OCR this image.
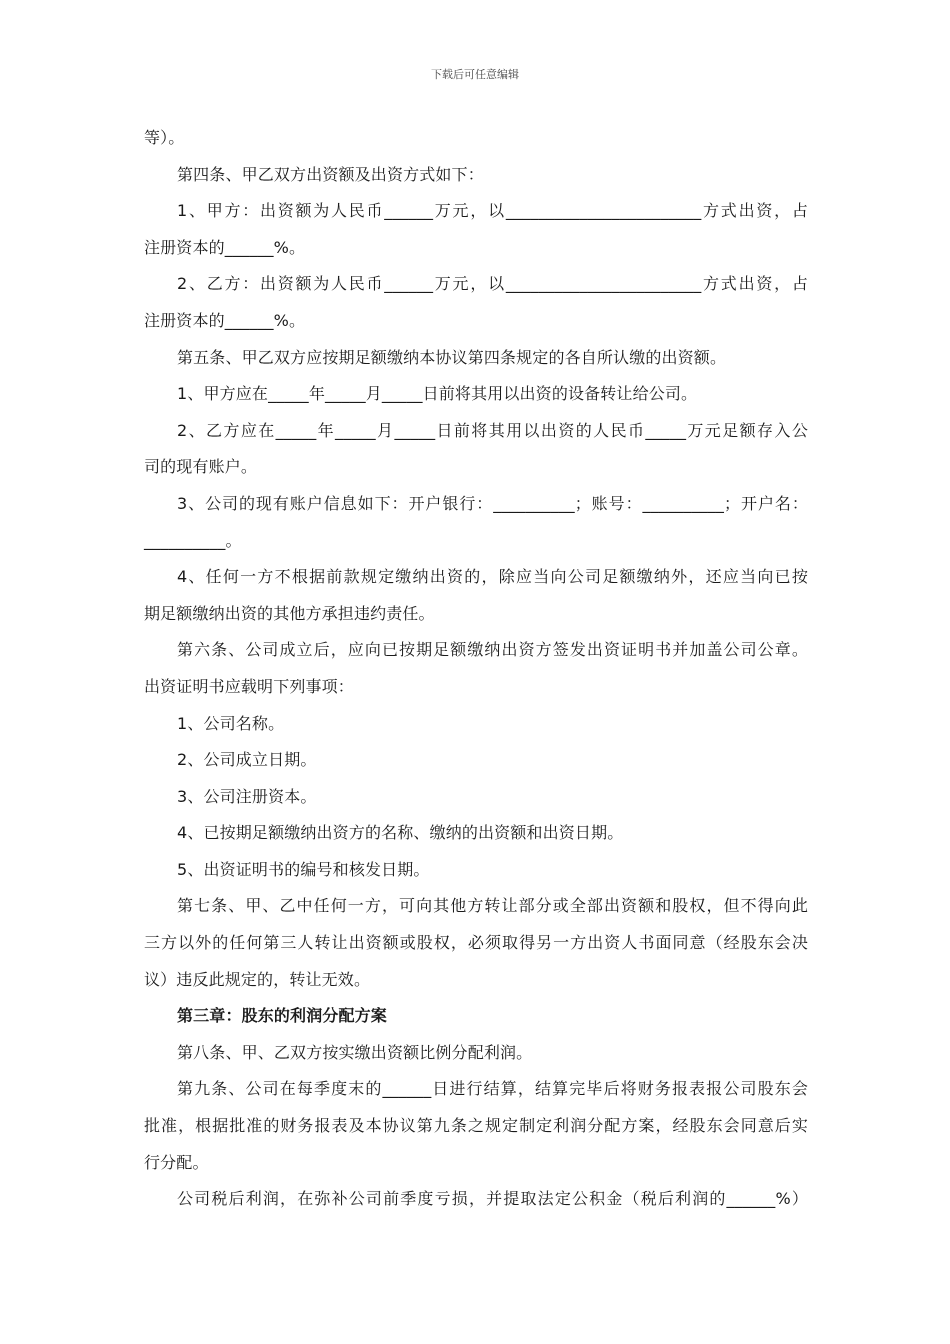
下载后可任意编辑
等）。
第四条、甲乙双方出资额及出资方式如下：
1、甲方：出资额为人民币______万元，以________________________方式出资，占
注册资本的______%。
2、乙方：出资额为人民币______万元，以________________________方式出资，占
注册资本的______%。
第五条、甲乙双方应按期足额缴纳本协议第四条规定的各自所认缴的出资额。
1、甲方应在_____年_____月_____日前将其用以出资的设备转让给公司。
2、乙方应在_____年_____月_____日前将其用以出资的人民币_____万元足额存入公
司的现有账户。
3、公司的现有账户信息如下：开户银行：__________；账号：__________；开户名：
__________。
4、任何一方不根据前款规定缴纳出资的，除应当向公司足额缴纳外，还应当向已按
期足额缴纳出资的其他方承担违约责任。
第六条、公司成立后，应向已按期足额缴纳出资方签发出资证明书并加盖公司公章。
出资证明书应载明下列事项：
1、公司名称。
2、公司成立日期。
3、公司注册资本。
4、已按期足额缴纳出资方的名称、缴纳的出资额和出资日期。
5、出资证明书的编号和核发日期。
第七条、甲、乙中任何一方，可向其他方转让部分或全部出资额和股权，但不得向此
三方以外的任何第三人转让出资额或股权，必须取得另一方出资人书面同意（经股东会决
议）违反此规定的，转让无效。
第三章：股东的利润分配方案
第八条、甲、乙双方按实缴出资额比例分配利润。
第九条、公司在每季度末的______日进行结算，结算完毕后将财务报表报公司股东会
批准，根据批准的财务报表及本协议第九条之规定制定利润分配方案，经股东会同意后实
行分配。
公司税后利润，在弥补公司前季度亏损，并提取法定公积金（税后利润的______%）
